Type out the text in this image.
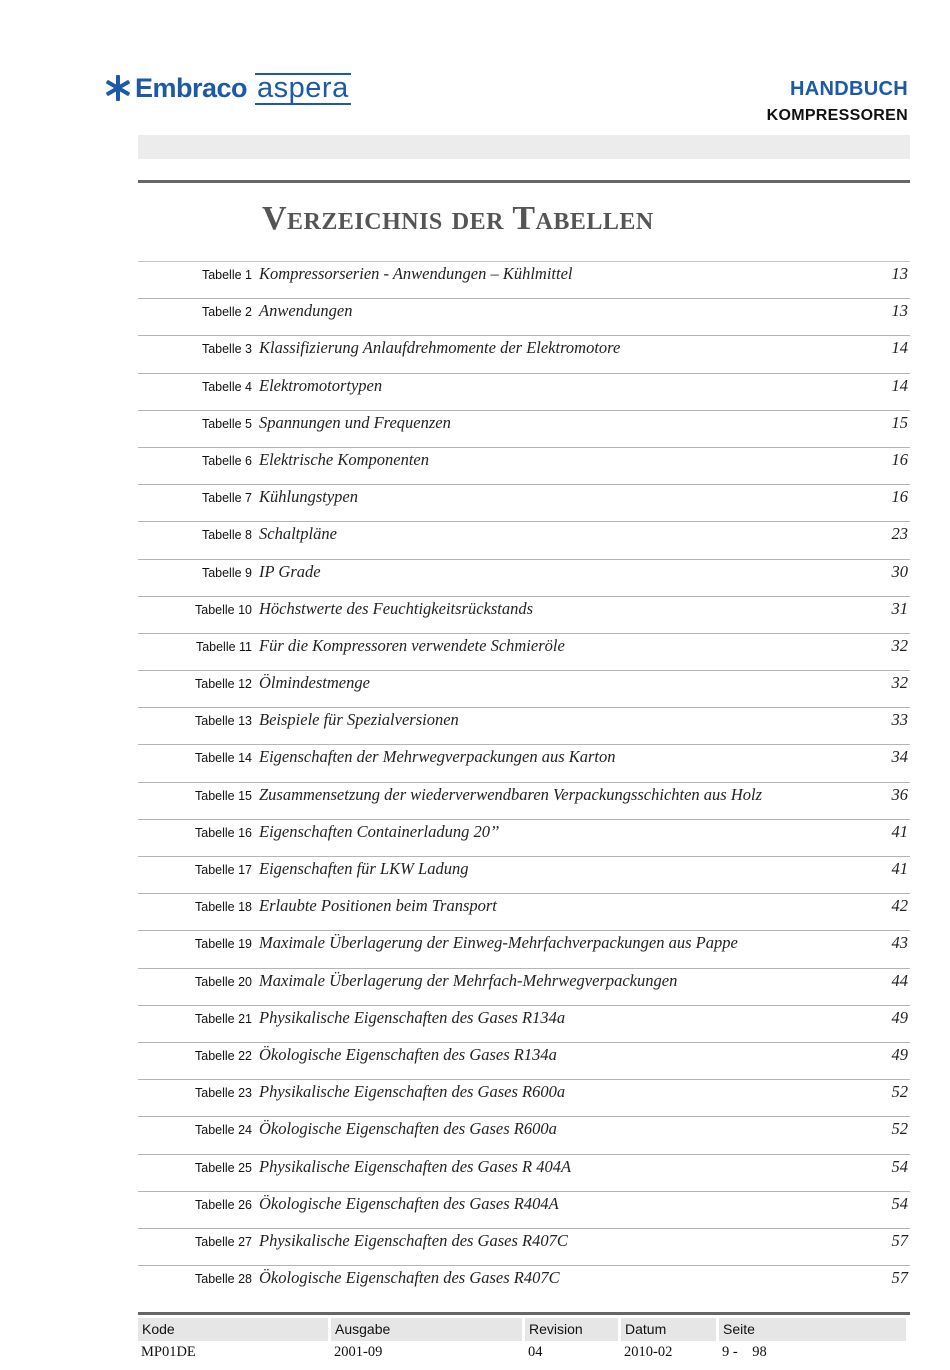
Embraco aspera	HANDBUCH
KOMPRESSOREN
Verzeichnis der Tabellen
Tabelle 1 Kompressorserien - Anwendungen – Kühlmittel	13
Tabelle 2 Anwendungen	13
Tabelle 3 Klassifizierung Anlaufdrehmomente der Elektromotore	14
Tabelle 4 Elektromotortypen	14
Tabelle 5 Spannungen und Frequenzen	15
Tabelle 6 Elektrische Komponenten	16
Tabelle 7 Kühlungstypen	16
Tabelle 8 Schaltpläne	23
Tabelle 9 IP Grade	30
Tabelle 10 Höchstwerte des Feuchtigkeitsrückstands	31
Tabelle 11 Für die Kompressoren verwendete Schmieröle	32
Tabelle 12 Ölmindestmenge	32
Tabelle 13 Beispiele für Spezialversionen	33
Tabelle 14 Eigenschaften der Mehrwegverpackungen aus Karton	34
Tabelle 15 Zusammensetzung der wiederverwendbaren Verpackungsschichten aus Holz	36
Tabelle 16 Eigenschaften Containerladung 20’’	41
Tabelle 17 Eigenschaften für LKW Ladung	41
Tabelle 18 Erlaubte Positionen beim Transport	42
Tabelle 19 Maximale Überlagerung der Einweg-Mehrfachverpackungen aus Pappe	43
Tabelle 20 Maximale Überlagerung der Mehrfach-Mehrwegverpackungen	44
Tabelle 21 Physikalische Eigenschaften des Gases R134a	49
Tabelle 22 Ökologische Eigenschaften des Gases R134a	49
Tabelle 23 Physikalische Eigenschaften des Gases R600a	52
Tabelle 24 Ökologische Eigenschaften des Gases R600a	52
Tabelle 25 Physikalische Eigenschaften des Gases R 404A	54
Tabelle 26 Ökologische Eigenschaften des Gases R404A	54
Tabelle 27 Physikalische Eigenschaften des Gases R407C	57
Tabelle 28 Ökologische Eigenschaften des Gases R407C	57
Kode	Ausgabe	Revision	Datum	Seite
MP01DE	2001-09	04	2010-02	9 -    98
